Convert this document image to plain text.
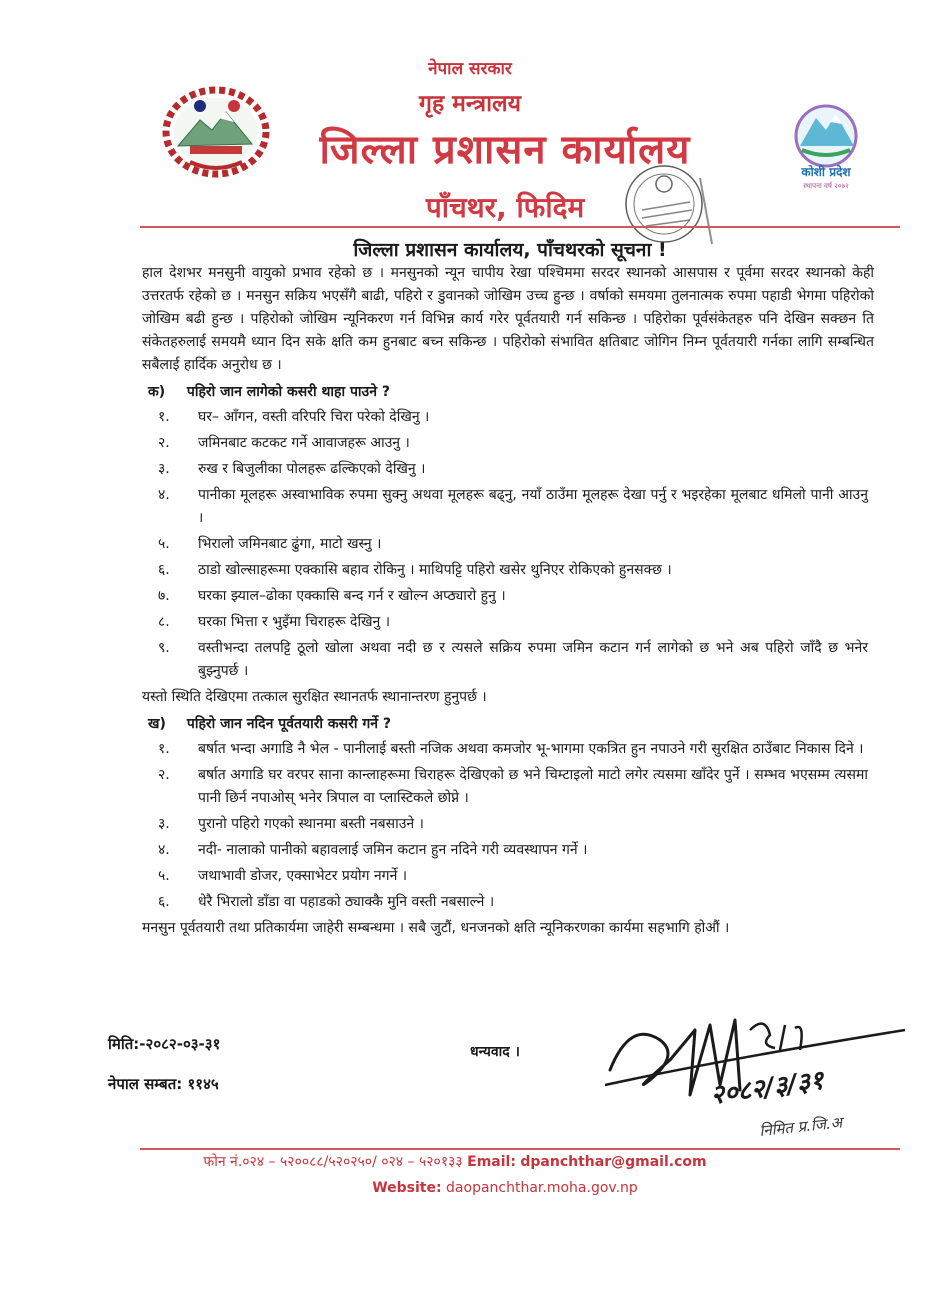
कोशी प्रदेश
स्थापना वर्ष २०७२
नेपाल सरकार
गृह मन्त्रालय
जिल्ला प्रशासन कार्यालय
पाँचथर, फिदिम
जिल्ला प्रशासन कार्यालय, पाँचथरको सूचना !

हाल देशभर मनसुनी वायुको प्रभाव रहेको छ । मनसुनको न्यून चापीय रेखा पश्चिममा सरदर स्थानको आसपास र पूर्वमा सरदर स्थानको केही उत्तरतर्फ रहेको छ । मनसुन सक्रिय भएसँगै बाढी, पहिरो र डुवानको जोखिम उच्च हुन्छ । वर्षाको समयमा तुलनात्मक रुपमा पहाडी भेगमा पहिरोको जोखिम बढी हुन्छ । पहिरोको जोखिम न्यूनिकरण गर्न विभिन्न कार्य गरेर पूर्वतयारी गर्न सकिन्छ । पहिरोका पूर्वसंकेतहरु पनि देखिन सक्छन ति संकेतहरुलाई समयमै ध्यान दिन सके क्षति कम हुनबाट बच्न सकिन्छ । पहिरोको संभावित क्षतिबाट जोगिन निम्न पूर्वतयारी गर्नका लागि सम्बन्धित सबैलाई हार्दिक अनुरोध छ ।

क) पहिरो जान लागेको कसरी थाहा पाउने ?
१.	घर– आँगन, वस्ती वरिपरि चिरा परेको देखिनु ।
२.	जमिनबाट कटकट गर्ने आवाजहरू आउनु ।
३.	रुख र बिजुलीका पोलहरू ढल्किएको देखिनु ।
४.	पानीका मूलहरू अस्वाभाविक रुपमा सुक्नु अथवा मूलहरू बढ्नु, नयाँ ठाउँमा मूलहरू देखा पर्नु र भइरहेका मूलबाट धमिलो पानी आउनु ।
५.	भिरालो जमिनबाट ढुंगा, माटो खस्नु ।
६.	ठाडो खोल्साहरूमा एक्कासि बहाव रोकिनु । माथिपट्टि पहिरो खसेर थुनिएर रोकिएको हुनसक्छ ।
७.	घरका झ्याल–ढोका एक्कासि बन्द गर्न र खोल्न अप्ठ्यारो हुनु ।
८.	घरका भित्ता र भुइँमा चिराहरू देखिनु ।
९.	वस्तीभन्दा तलपट्टि ठूलो खोला अथवा नदी छ र त्यसले सक्रिय रुपमा जमिन कटान गर्न लागेको छ भने अब पहिरो जाँदै छ भनेर बुझ्नुपर्छ ।
यस्तो स्थिति देखिएमा तत्काल सुरक्षित स्थानतर्फ स्थानान्तरण हुनुपर्छ ।
ख) पहिरो जान नदिन पूर्वतयारी कसरी गर्ने ?
१.	बर्षात भन्दा अगाडि नै भेल - पानीलाई बस्ती नजिक अथवा कमजोर भू-भागमा एकत्रित हुन नपाउने गरी सुरक्षित ठाउँबाट निकास दिने ।
२.	बर्षात अगाडि घर वरपर साना कान्लाहरूमा चिराहरू देखिएको छ भने चिम्टाइलो माटो लगेर त्यसमा खाँदेर पुर्ने । सम्भव भएसम्म त्यसमा पानी छिर्न नपाओस् भनेर त्रिपाल वा प्लास्टिकले छोप्ने ।
३.	पुरानो पहिरो गएको स्थानमा बस्ती नबसाउने ।
४.	नदी- नालाको पानीको बहावलाई जमिन कटान हुन नदिने गरी व्यवस्थापन गर्ने ।
५.	जथाभावी डोजर, एक्साभेटर प्रयोग नगर्ने ।
६.	धेरै भिरालो डाँडा वा पहाडको ठ्याक्कै मुनि वस्ती नबसाल्ने ।
मनसुन पूर्वतयारी तथा प्रतिकार्यमा जाहेरी सम्बन्धमा । सबै जुटौं, धनजनको क्षति न्यूनिकरणका कार्यमा सहभागि होऔं ।
मिति:-२०८२-०३-३१
नेपाल सम्बत: ११४५
धन्यवाद ।
२०८२/३/३१
निमित प्र.जि.अ
फोन नं.०२४ – ५२००८८/५२०२५०/ ०२४ – ५२०१३३ Email: dpanchthar@gmail.com
Website: daopanchthar.moha.gov.np
